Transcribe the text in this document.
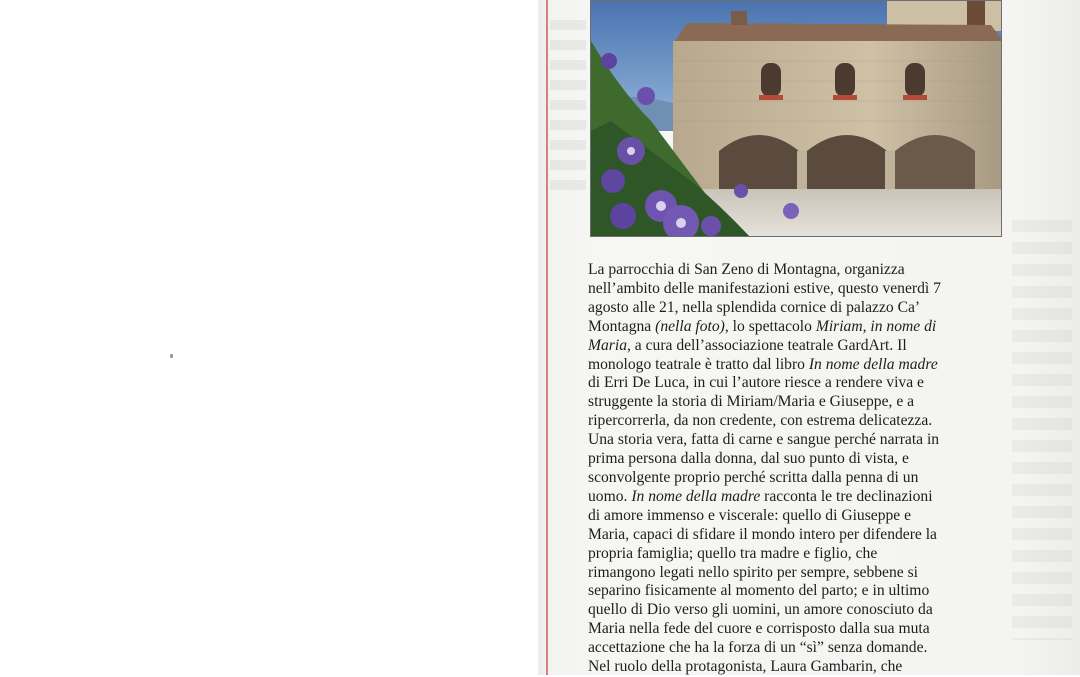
La parrocchia di San Zeno di Montagna, organizza
nell’ambito delle manifestazioni estive, questo venerdì 7
agosto alle 21, nella splendida cornice di palazzo Ca’
Montagna (nella foto), lo spettacolo Miriam, in nome di
Maria, a cura dell’associazione teatrale GardArt. Il
monologo teatrale è tratto dal libro In nome della madre
di Erri De Luca, in cui l’autore riesce a rendere viva e
struggente la storia di Miriam/Maria e Giuseppe, e a
ripercorrerla, da non credente, con estrema delicatezza.
Una storia vera, fatta di carne e sangue perché narrata in
prima persona dalla donna, dal suo punto di vista, e
sconvolgente proprio perché scritta dalla penna di un
uomo. In nome della madre racconta le tre declinazioni
di amore immenso e viscerale: quello di Giuseppe e
Maria, capaci di sfidare il mondo intero per difendere la
propria famiglia; quello tra madre e figlio, che
rimangono legati nello spirito per sempre, sebbene si
separino fisicamente al momento del parto; e in ultimo
quello di Dio verso gli uomini, un amore conosciuto da
Maria nella fede del cuore e corrisposto dalla sua muta
accettazione che ha la forza di un “sì” senza domande.
Nel ruolo della protagonista, Laura Gambarin, che
